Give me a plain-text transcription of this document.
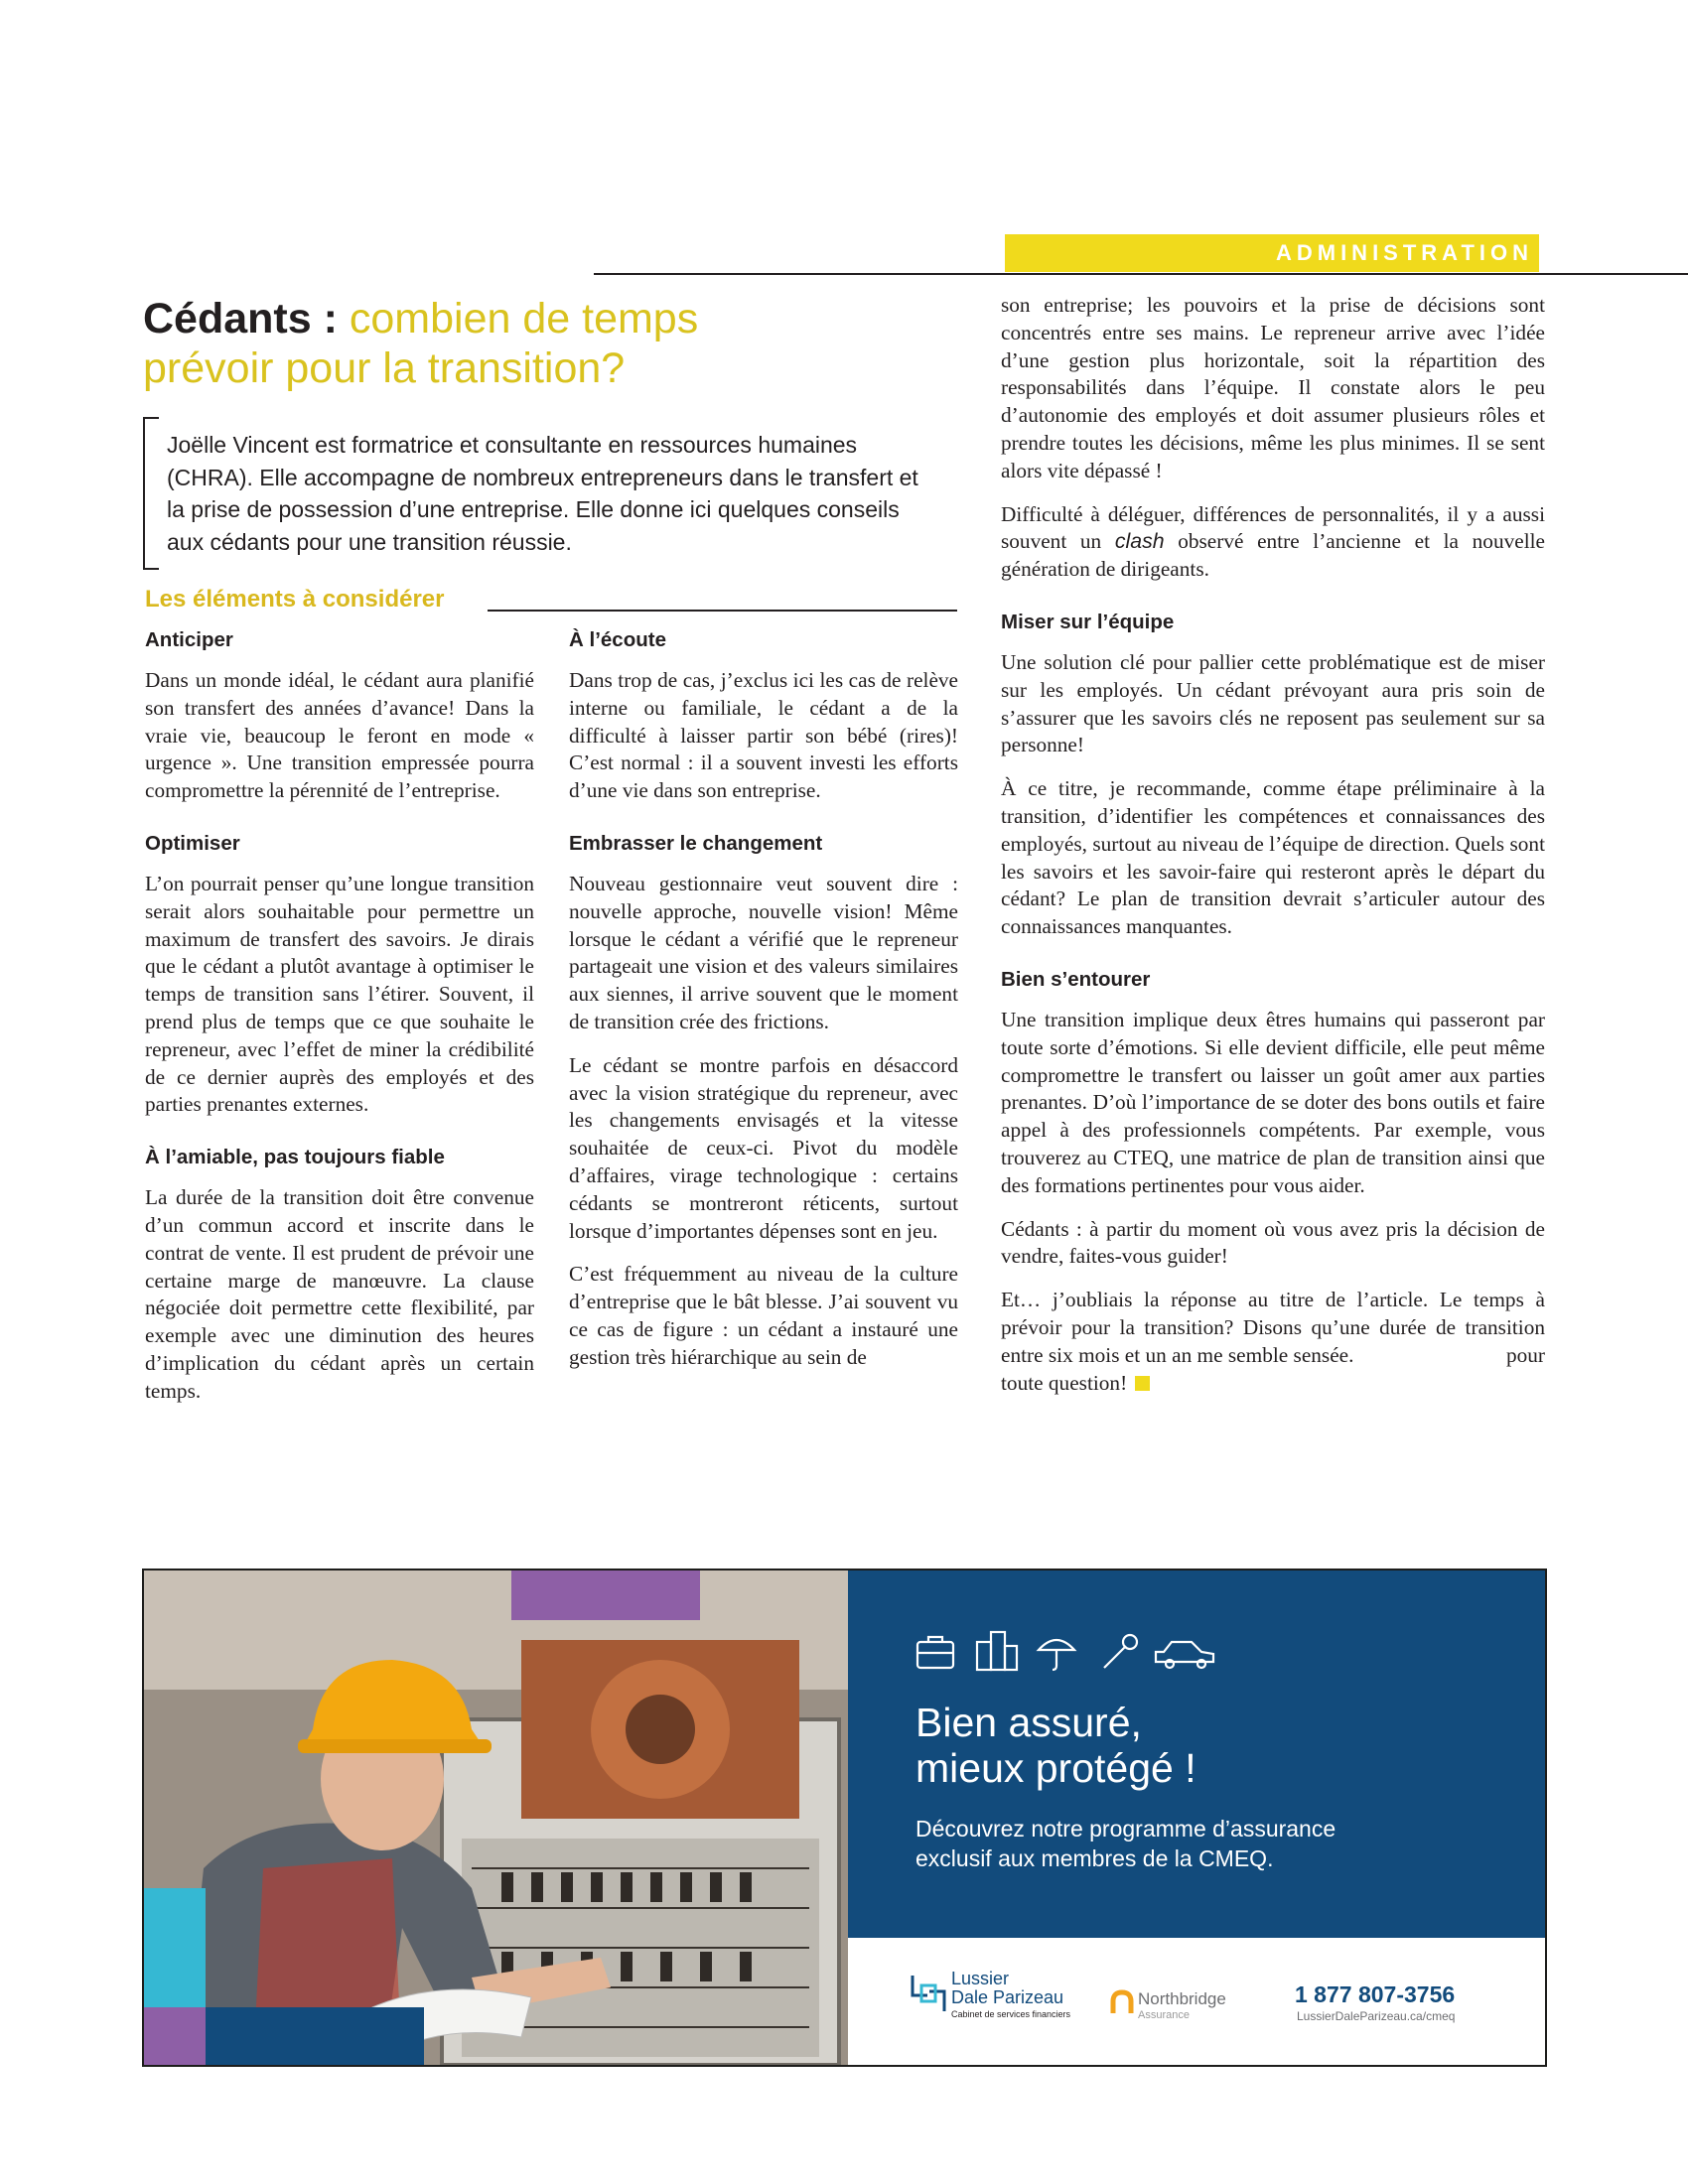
ADMINISTRATION
Cédants : combien de temps
prévoir pour la transition?

Joëlle Vincent est formatrice et consultante en ressources humaines (CHRA). Elle accompagne de nombreux entrepreneurs dans le transfert et la prise de possession d’une entreprise. Elle donne ici quelques conseils aux cédants pour une transition réussie.

Les éléments à considérer
Anticiper

Dans un monde idéal, le cédant aura planifié son transfert des années d’avance! Dans la vraie vie, beaucoup le feront en mode « urgence ». Une transition empressée pourra compromettre la pérennité de l’entreprise.

Optimiser

L’on pourrait penser qu’une longue transition serait alors souhaitable pour permettre un maximum de transfert des savoirs. Je dirais que le cédant a plutôt avantage à optimiser le temps de transition sans l’étirer. Souvent, il prend plus de temps que ce que souhaite le repreneur, avec l’effet de miner la crédibilité de ce dernier auprès des employés et des parties prenantes externes.

À l’amiable, pas toujours fiable

La durée de la transition doit être convenue d’un commun accord et inscrite dans le contrat de vente. Il est prudent de prévoir une certaine marge de manœuvre. La clause négociée doit permettre cette flexibilité, par exemple avec une diminution des heures d’implication du cédant après un certain temps.

À l’écoute

Dans trop de cas, j’exclus ici les cas de relève interne ou familiale, le cédant a de la difficulté à laisser partir son bébé (rires)! C’est normal : il a souvent investi les efforts d’une vie dans son entreprise.

Embrasser le changement

Nouveau gestionnaire veut souvent dire : nouvelle approche, nouvelle vision! Même lorsque le cédant a vérifié que le repreneur partageait une vision et des valeurs similaires aux siennes, il arrive souvent que le moment de transition crée des frictions.

Le cédant se montre parfois en désaccord avec la vision stratégique du repreneur, avec les changements envisagés et la vitesse souhaitée de ceux-ci. Pivot du modèle d’affaires, virage technologique : certains cédants se montreront réticents, surtout lorsque d’importantes dépenses sont en jeu.

C’est fréquemment au niveau de la culture d’entreprise que le bât blesse. J’ai souvent vu ce cas de figure : un cédant a instauré une gestion très hiérarchique au sein de

son entreprise; les pouvoirs et la prise de décisions sont concentrés entre ses mains. Le repreneur arrive avec l’idée d’une gestion plus horizontale, soit la répartition des responsabilités dans l’équipe. Il constate alors le peu d’autonomie des employés et doit assumer plusieurs rôles et prendre toutes les décisions, même les plus minimes. Il se sent alors vite dépassé !

Difficulté à déléguer, différences de personnalités, il y a aussi souvent un clash observé entre l’ancienne et la nouvelle génération de dirigeants.

Miser sur l’équipe

Une solution clé pour pallier cette problématique est de miser sur les employés. Un cédant prévoyant aura pris soin de s’assurer que les savoirs clés ne reposent pas seulement sur sa personne!

À ce titre, je recommande, comme étape préliminaire à la transition, d’identifier les compétences et connaissances des employés, surtout au niveau de l’équipe de direction. Quels sont les savoirs et les savoir-faire qui resteront après le départ du cédant? Le plan de transition devrait s’articuler autour des connaissances manquantes.

Bien s’entourer

Une transition implique deux êtres humains qui passeront par toute sorte d’émotions. Si elle devient difficile, elle peut même compromettre le transfert ou laisser un goût amer aux parties prenantes. D’où l’importance de se doter des bons outils et faire appel à des professionnels compétents. Par exemple, vous trouverez au CTEQ, une matrice de plan de transition ainsi que des formations pertinentes pour vous aider.

Cédants : à partir du moment où vous avez pris la décision de vendre, faites-vous guider!

Et… j’oubliais la réponse au titre de l’article. Le temps à prévoir pour la transition? Disons qu’une durée de transition entre six mois et un an me semble sensée.	pour

toute question!

Bien assuré,
mieux protégé !
Découvrez notre programme d’assurance
exclusif aux membres de la CMEQ.
Lussier
Dale Parizeau
Cabinet de services financiers
Northbridge
Assurance
1 877 807-3756
LussierDaleParizeau.ca/cmeq
